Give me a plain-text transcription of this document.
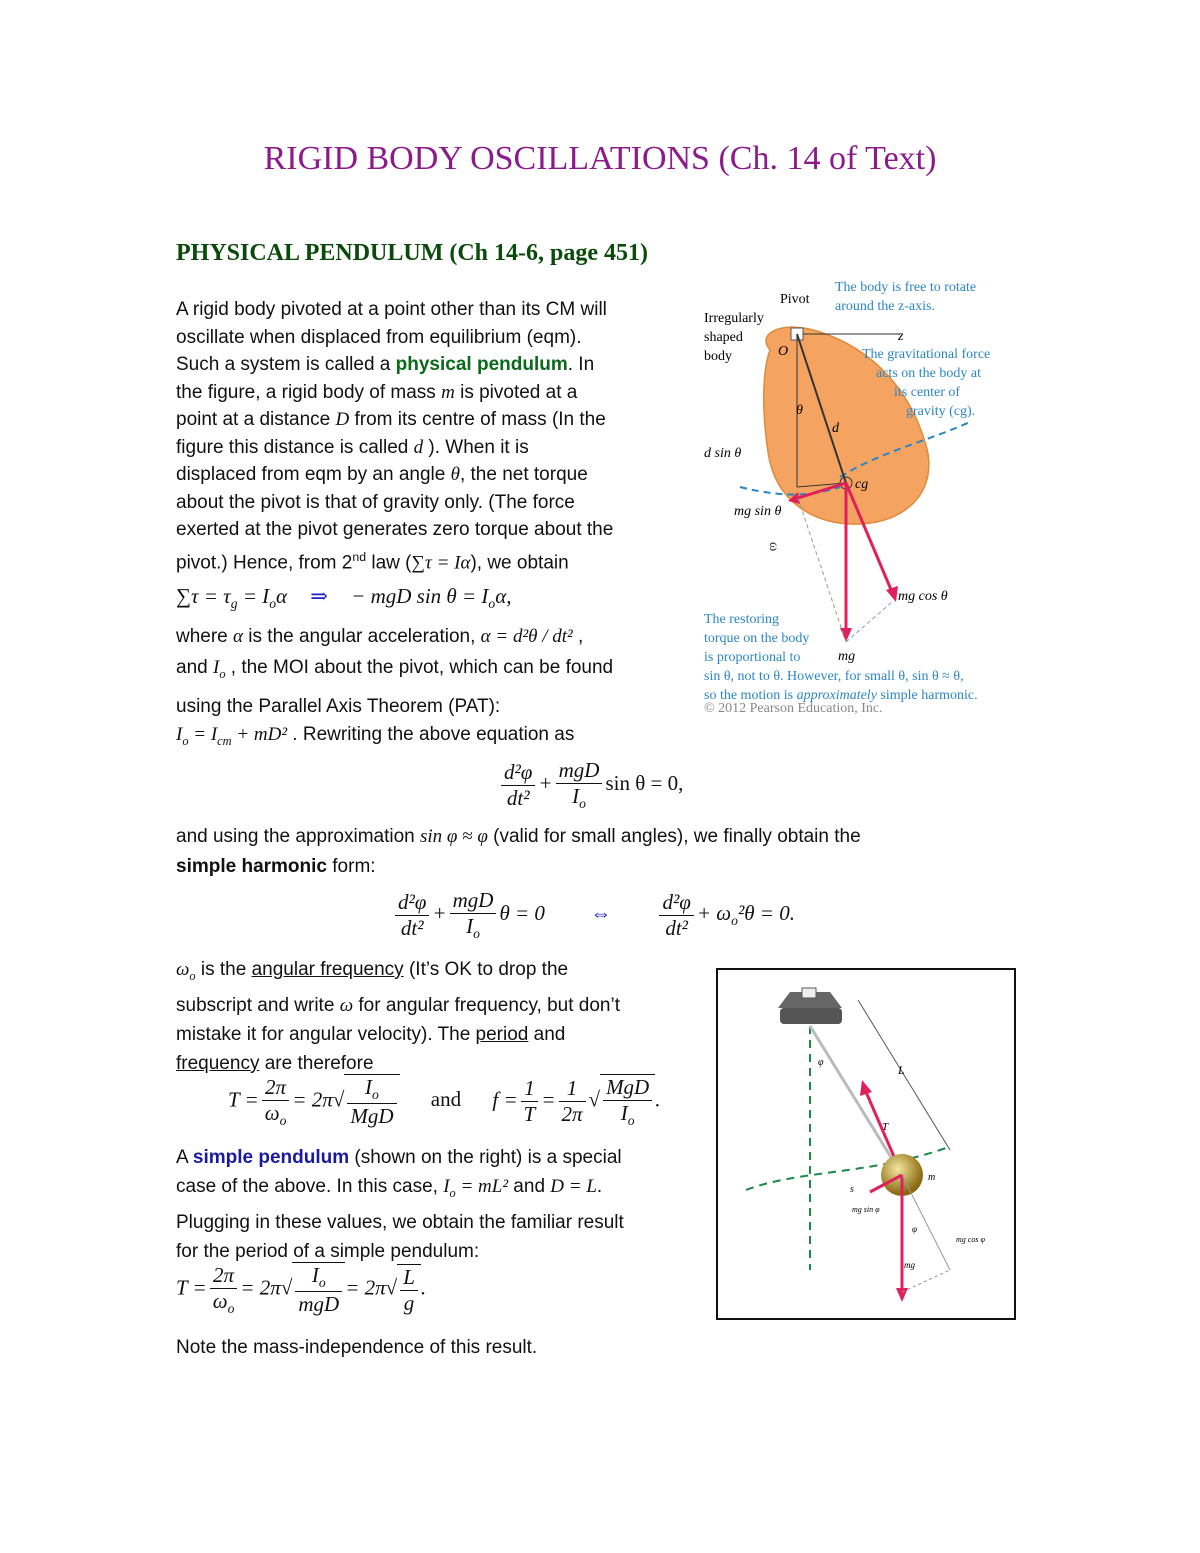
RIGID BODY OSCILLATIONS (Ch. 14 of Text)
PHYSICAL PENDULUM (Ch 14-6, page 451)
A rigid body pivoted at a point other than its CM will
oscillate when displaced from equilibrium (eqm).
Such a system is called a physical pendulum. In
the figure, a rigid body of mass m is pivoted at a
point at a distance D from its centre of mass (In the
figure this distance is called d ). When it is
displaced from eqm by an angle θ, the net torque
about the pivot is that of gravity only. (The force
exerted at the pivot generates zero torque about the
pivot.) Hence, from 2nd law (∑τ = Iα), we obtain
$\sum\tau = \tau_g = I_o\alpha$ ⇒ − mgD $\sin \theta = I_o\alpha$,
where α is the angular acceleration, α = d²θ / dt² ,
and $I_o$ , the MOI about the pivot, which can be found
using the Parallel Axis Theorem (PAT):
$I_o = I_{cm} + mD^2$ . Rewriting the above equation as
$\frac{\text{d²φ}}{\text{dt²}} + \frac{\text{mgD}}{I_o}$ sin θ = 0,
and using the approximation sin φ ≈ φ (valid for small angles), we finally obtain the
simple harmonic form:
$\frac{\text{d²φ}}{\text{dt²}} + \frac{\text{mgD}}{I_o}$ θ = 0 ⇔ $\frac{\text{d²φ}}{\text{dt²}} + \omega_o^2\theta = 0$.
$\omega_o$ is the angular frequency (It’s OK to drop the
subscript and write ω for angular frequency, but don’t
mistake it for angular velocity). The period and
frequency are therefore
$T = \frac{2\pi}{\omega_o} = 2\pi√ \frac{I_o}{\text{MgD}}$ and $f = \frac{1}{T} = \frac{1}{2\pi}$ √ $\frac{\text{MgD}}{I_o}$ .
A simple pendulum (shown on the right) is a special
case of the above. In this case, $I_o = mL^2$ and D = L.
Plugging in these values, we obtain the familiar result
for the period of a simple pendulum:
$T = \frac{2\pi}{\omega_o} = 2\pi√ \frac{I_o}{\text{mgD}} = 2\pi√ \frac{L}{g}$ .
Note the mass-independence of this result.
ω
Pivot
Irregularly
shaped
body
The body is free to rotate
around the z-axis.
z
O	The gravitational force
acts on the body at
its center of
gravity (cg).
θ
d
d sin θ
cg
mg sin θ
mg cos θ
mg
The restoring
torque on the body
is proportional to
sin θ, not to θ. However, for small θ, sin θ ≈ θ,
so the motion is approximately simple harmonic.
© 2012 Pearson Education, Inc.
L
φ
T⃗
m
s
mg sin φ
mg cos φ
φ
mg⃗
